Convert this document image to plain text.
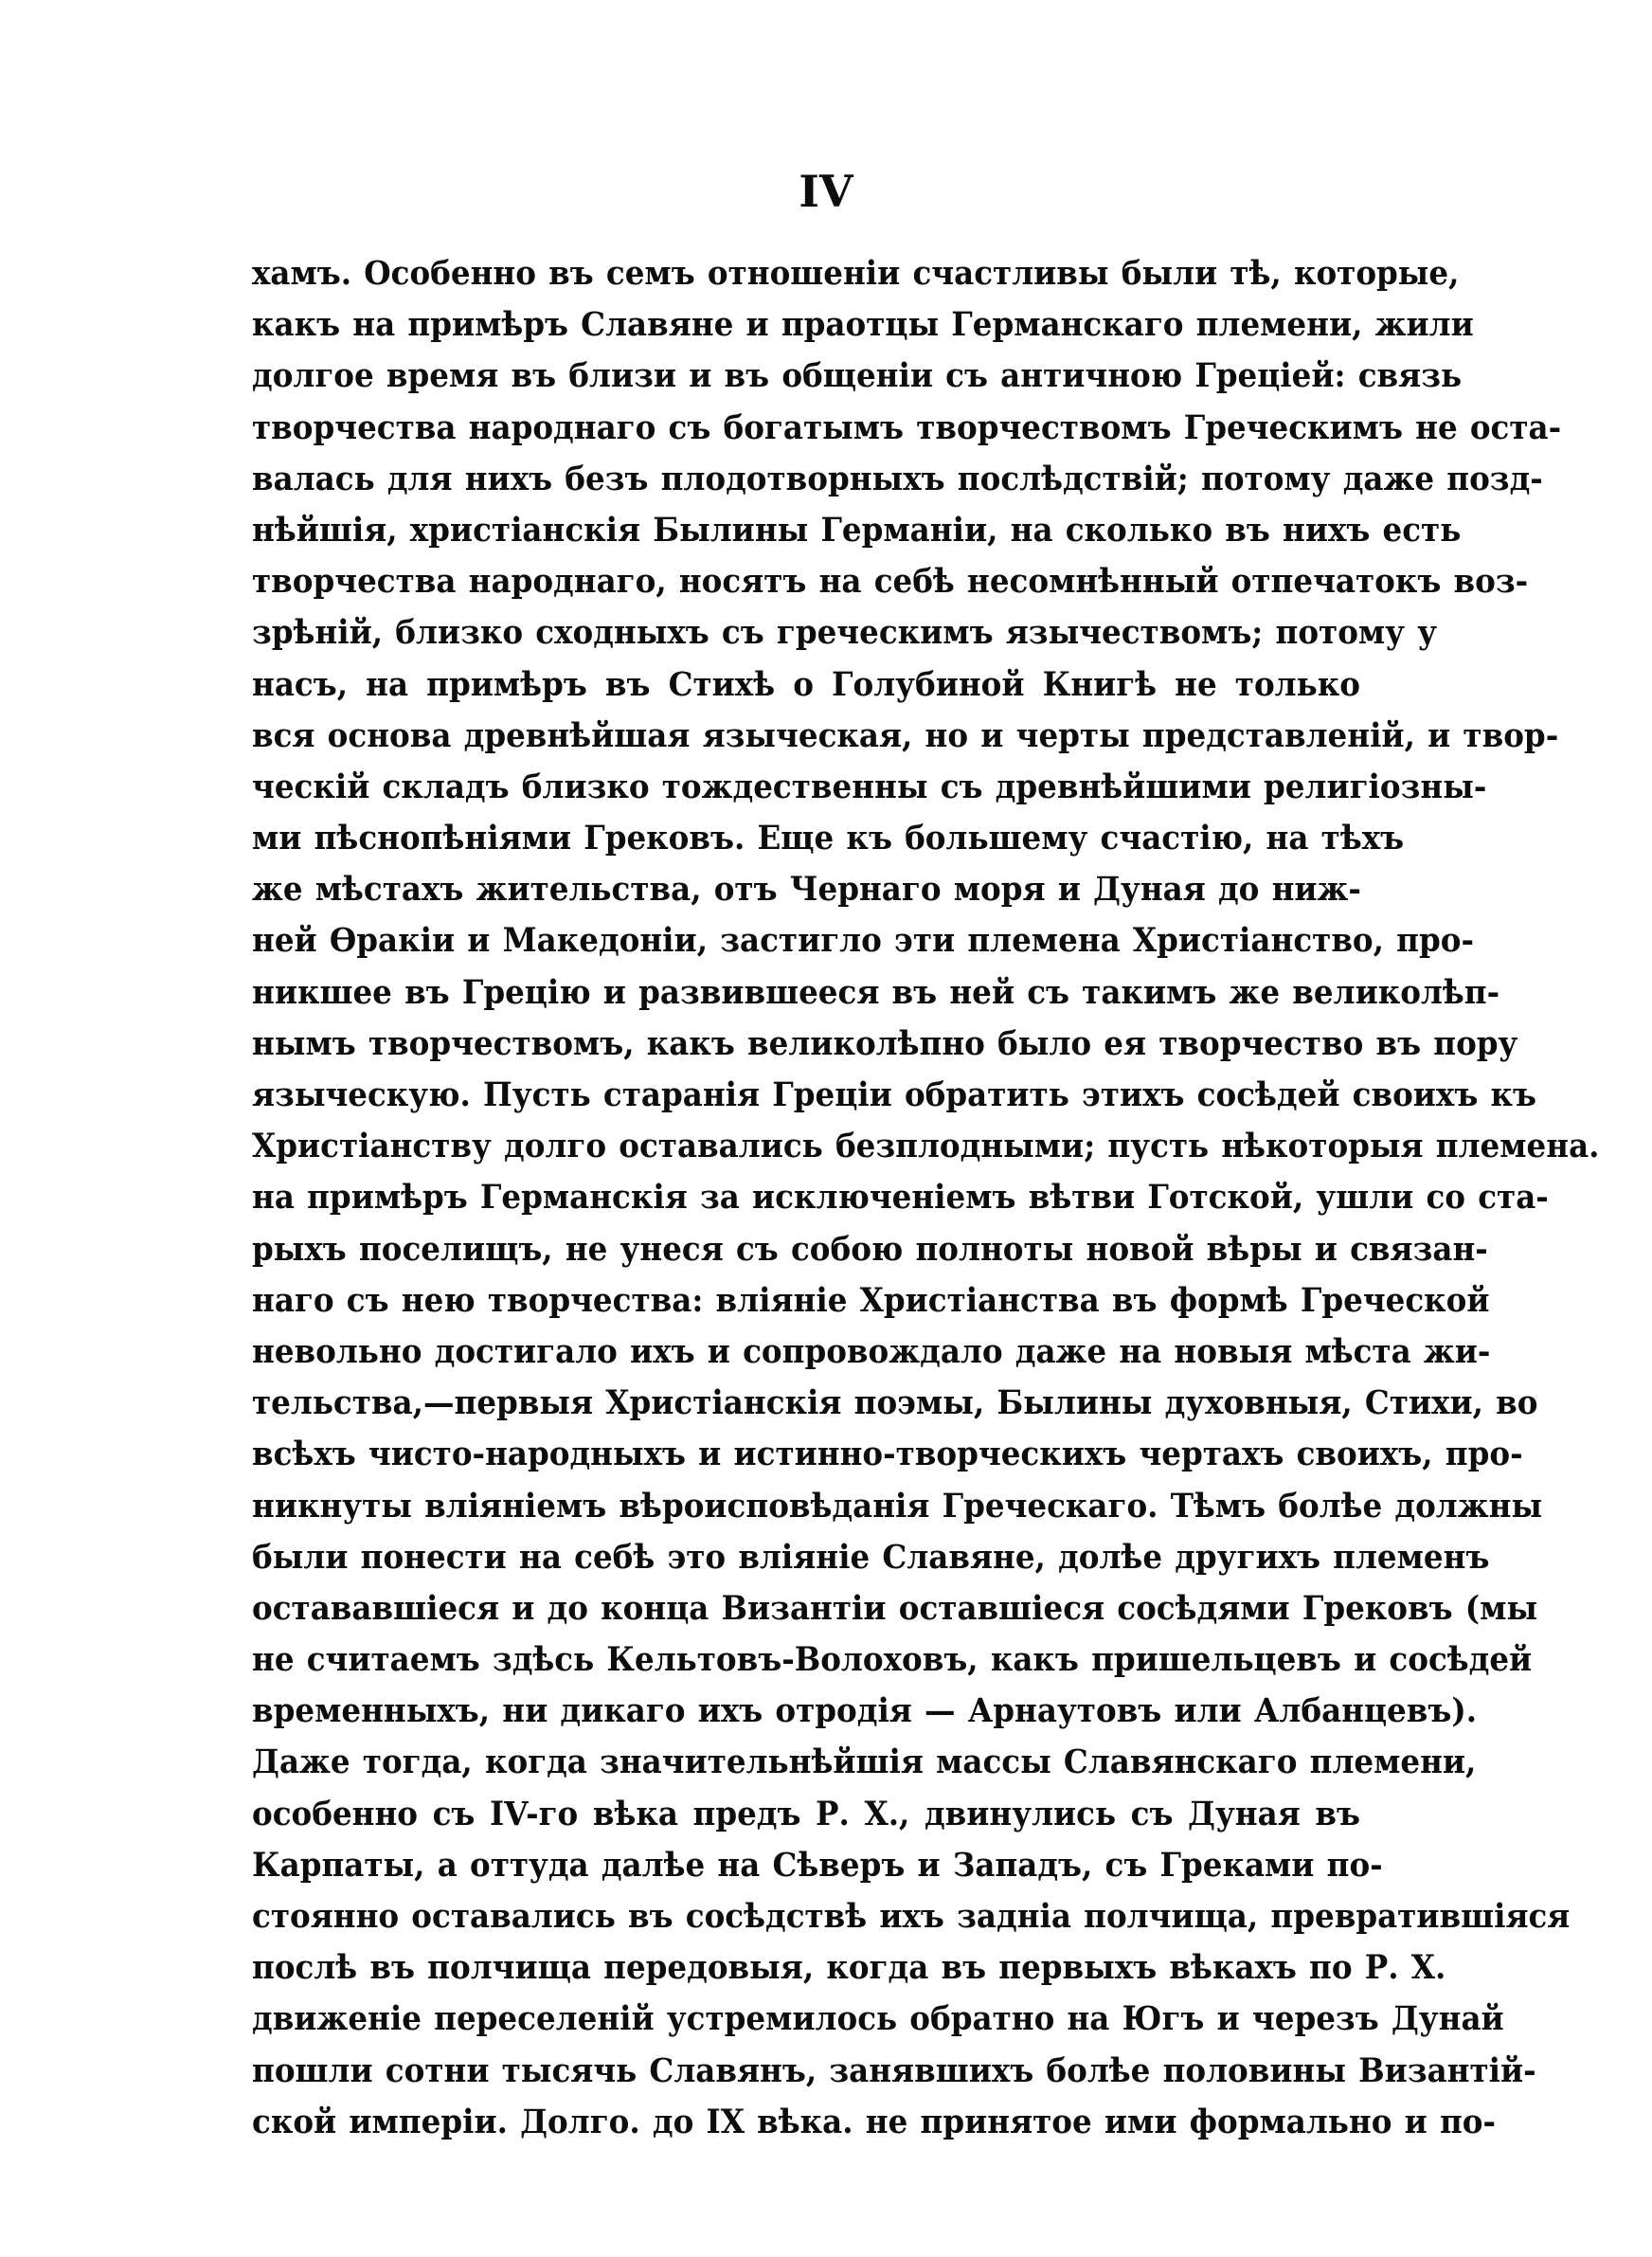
IV
хамъ. Особенно въ семъ отношеніи счастливы были тѣ, которые,
какъ на примѣръ Славяне и праотцы Германскаго племени, жили
долгое время въ близи и въ общеніи съ античною Греціей: связь
творчества народнаго съ богатымъ творчествомъ Греческимъ не оста-
валась для нихъ безъ плодотворныхъ послѣдствій; потому даже позд-
нѣйшія, христіанскія Былины Германіи, на сколько въ нихъ есть
творчества народнаго, носятъ на себѣ несомнѣнный отпечатокъ воз-
зрѣній, близко сходныхъ съ греческимъ язычествомъ; потому у
насъ, на примѣръ въ Стихѣ о Голубиной Книгѣ не только
вся основа древнѣйшая языческая, но и черты представленій, и твор-
ческій складъ близко тождественны съ древнѣйшими религіозны-
ми пѣснопѣніями Грековъ. Еще къ большему счастію, на тѣхъ
же мѣстахъ жительства, отъ Чернаго моря и Дуная до ниж-
ней Ѳракіи и Македоніи, застигло эти племена Христіанство, про-
никшее въ Грецію и развившееся въ ней съ такимъ же великолѣп-
нымъ творчествомъ, какъ великолѣпно было ея творчество въ пору
языческую. Пусть старанія Греціи обратить этихъ сосѣдей своихъ къ
Христіанству долго оставались безплодными; пусть нѣкоторыя племена.
на примѣръ Германскія за исключеніемъ вѣтви Готской, ушли со ста-
рыхъ поселищъ, не унеся съ собою полноты новой вѣры и связан-
наго съ нею творчества: вліяніе Христіанства въ формѣ Греческой
невольно достигало ихъ и сопровождало даже на новыя мѣста жи-
тельства,—первыя Христіанскія поэмы, Былины духовныя, Стихи, во
всѣхъ чисто-народныхъ и истинно-творческихъ чертахъ своихъ, про-
никнуты вліяніемъ вѣроисповѣданія Греческаго. Тѣмъ болѣе должны
были понести на себѣ это вліяніе Славяне, долѣе другихъ племенъ
остававшіеся и до конца Византіи оставшіеся сосѣдями Грековъ (мы
не считаемъ здѣсь Кельтовъ-Волоховъ, какъ пришельцевъ и сосѣдей
временныхъ, ни дикаго ихъ отродія — Арнаутовъ или Албанцевъ).
Даже тогда, когда значительнѣйшія массы Славянскаго племени,
особенно съ IV-го вѣка предъ Р. Х., двинулись съ Дуная въ
Карпаты, а оттуда далѣе на Сѣверъ и Западъ, съ Греками по-
стоянно оставались въ сосѣдствѣ ихъ задніа полчища, превратившіяся
послѣ въ полчища передовыя, когда въ первыхъ вѣкахъ по Р. Х.
движеніе переселеній устремилось обратно на Югъ и черезъ Дунай
пошли сотни тысячь Славянъ, занявшихъ болѣе половины Византій-
ской имперіи. Долго. до IX вѣка. не принятое ими формально и по-
